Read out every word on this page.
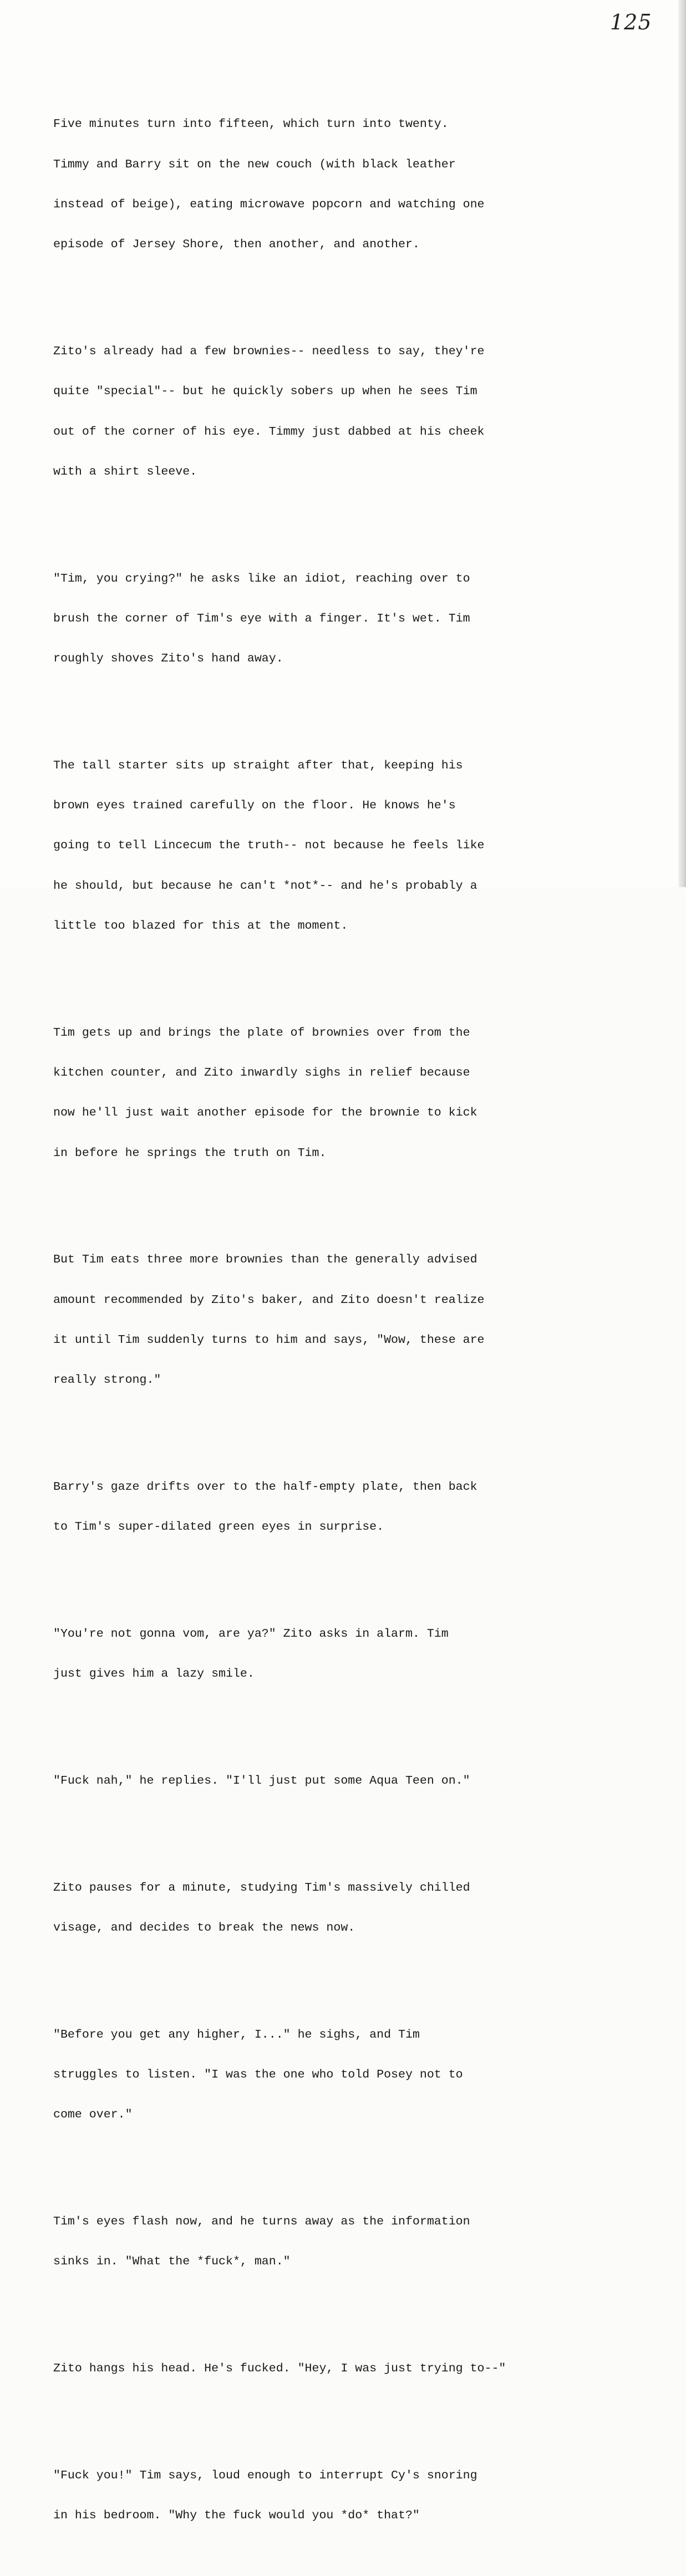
125

Five minutes turn into fifteen, which turn into twenty.

Timmy and Barry sit on the new couch (with black leather

instead of beige), eating microwave popcorn and watching one

episode of Jersey Shore, then another, and another.

Zito's already had a few brownies-- needless to say, they're

quite "special"-- but he quickly sobers up when he sees Tim

out of the corner of his eye. Timmy just dabbed at his cheek

with a shirt sleeve.

"Tim, you crying?" he asks like an idiot, reaching over to

brush the corner of Tim's eye with a finger. It's wet. Tim

roughly shoves Zito's hand away.

The tall starter sits up straight after that, keeping his

brown eyes trained carefully on the floor. He knows he's

going to tell Lincecum the truth-- not because he feels like

he should, but because he can't *not*-- and he's probably a

little too blazed for this at the moment.

Tim gets up and brings the plate of brownies over from the

kitchen counter, and Zito inwardly sighs in relief because

now he'll just wait another episode for the brownie to kick

in before he springs the truth on Tim.

But Tim eats three more brownies than the generally advised

amount recommended by Zito's baker, and Zito doesn't realize

it until Tim suddenly turns to him and says, "Wow, these are

really strong."

Barry's gaze drifts over to the half-empty plate, then back

to Tim's super-dilated green eyes in surprise.

"You're not gonna vom, are ya?" Zito asks in alarm. Tim

just gives him a lazy smile.

"Fuck nah," he replies. "I'll just put some Aqua Teen on."

Zito pauses for a minute, studying Tim's massively chilled

visage, and decides to break the news now.

"Before you get any higher, I..." he sighs, and Tim

struggles to listen. "I was the one who told Posey not to

come over."

Tim's eyes flash now, and he turns away as the information

sinks in. "What the *fuck*, man."

Zito hangs his head. He's fucked. "Hey, I was just trying to--"

"Fuck you!" Tim says, loud enough to interrupt Cy's snoring

in his bedroom. "Why the fuck would you *do* that?"
